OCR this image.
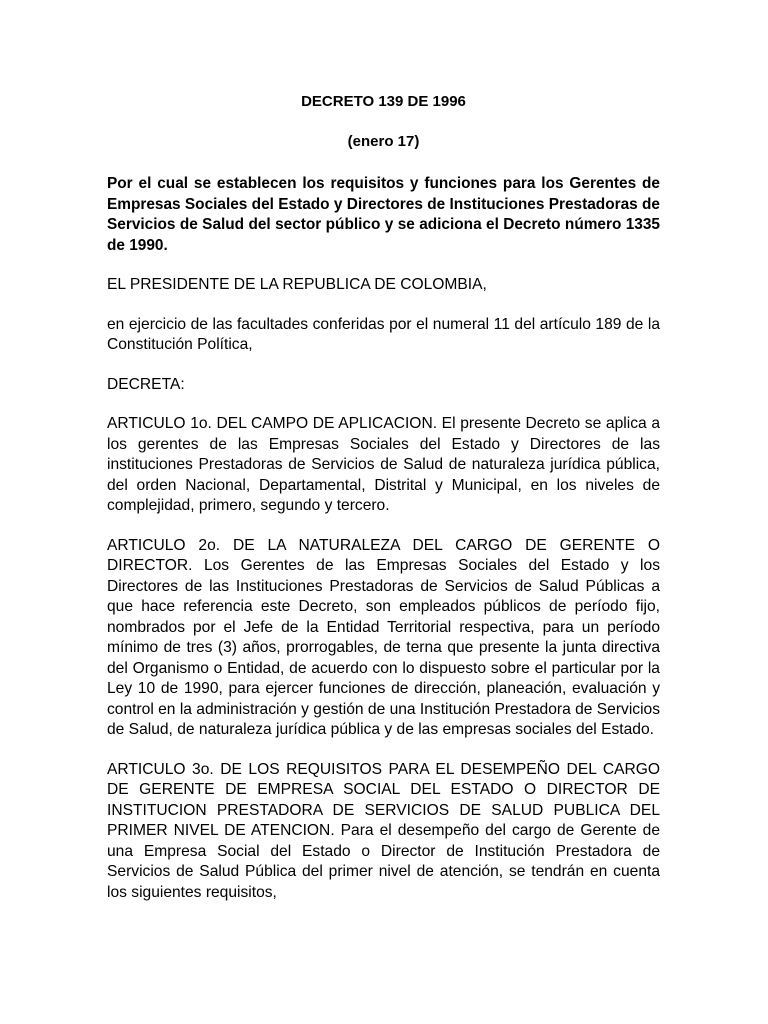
DECRETO 139 DE 1996

(enero 17)

Por el cual se establecen los requisitos y funciones para los Gerentes de Empresas Sociales del Estado y Directores de Instituciones Prestadoras de Servicios de Salud del sector público y se adiciona el Decreto número 1335 de 1990.

EL PRESIDENTE DE LA REPUBLICA DE COLOMBIA,

en ejercicio de las facultades conferidas por el numeral 11 del artículo 189 de la Constitución Política,

DECRETA:

ARTICULO 1o. DEL CAMPO DE APLICACION. El presente Decreto se aplica a los gerentes de las Empresas Sociales del Estado y Directores de las instituciones Prestadoras de Servicios de Salud de naturaleza jurídica pública, del orden Nacional, Departamental, Distrital y Municipal, en los niveles de complejidad, primero, segundo y tercero.

ARTICULO 2o. DE LA NATURALEZA DEL CARGO DE GERENTE O DIRECTOR. Los Gerentes de las Empresas Sociales del Estado y los Directores de las Instituciones Prestadoras de Servicios de Salud Públicas a que hace referencia este Decreto, son empleados públicos de período fijo, nombrados por el Jefe de la Entidad Territorial respectiva, para un período mínimo de tres (3) años, prorrogables, de terna que presente la junta directiva del Organismo o Entidad, de acuerdo con lo dispuesto sobre el particular por la Ley 10 de 1990, para ejercer funciones de dirección, planeación, evaluación y control en la administración y gestión de una Institución Prestadora de Servicios de Salud, de naturaleza jurídica pública y de las empresas sociales del Estado.

ARTICULO 3o. DE LOS REQUISITOS PARA EL DESEMPEÑO DEL CARGO DE GERENTE DE EMPRESA SOCIAL DEL ESTADO O DIRECTOR DE INSTITUCION PRESTADORA DE SERVICIOS DE SALUD PUBLICA DEL PRIMER NIVEL DE ATENCION. Para el desempeño del cargo de Gerente de una Empresa Social del Estado o Director de Institución Prestadora de Servicios de Salud Pública del primer nivel de atención, se tendrán en cuenta los siguientes requisitos,
